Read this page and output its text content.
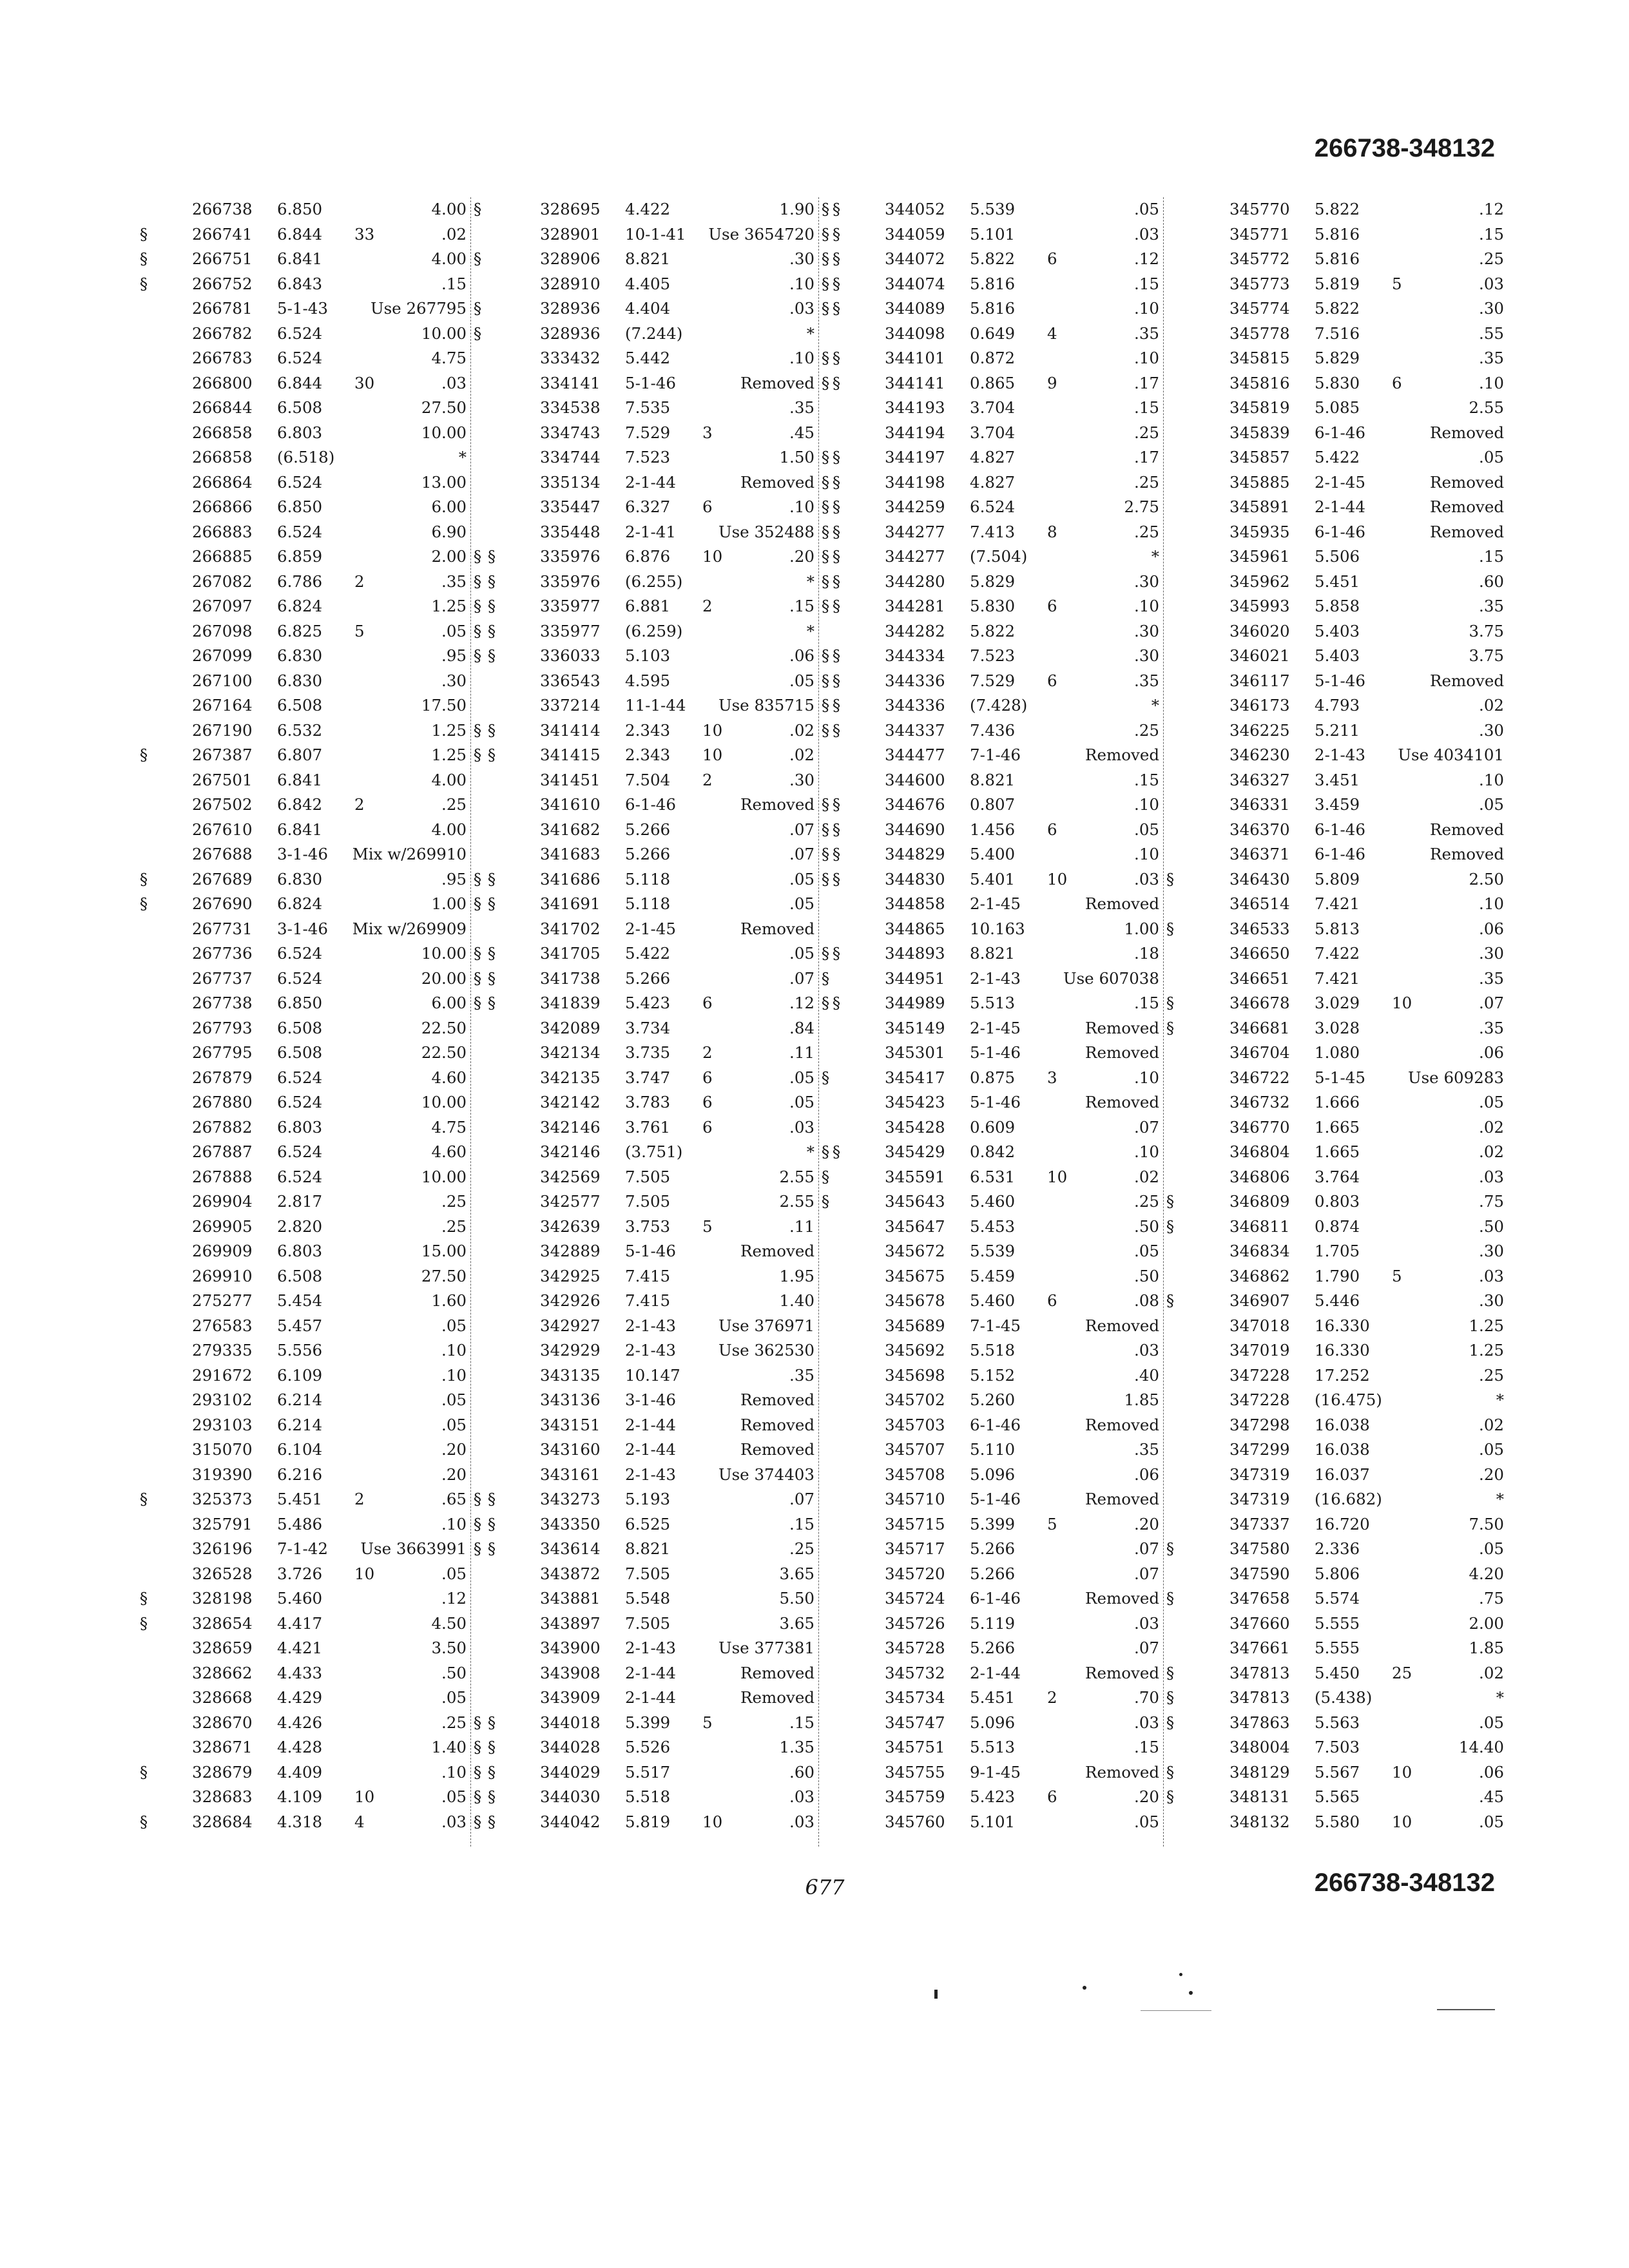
266738-348132
266738 6.850	4.00 §
§	266741 6.844 33	.02
§	266751 6.841	4.00 §
§	266752 6.843	.15
266781 5-1-43	Use 267795 §
266782 6.524	10.00 §
266783 6.524	4.75
266800 6.844 30	.03
266844 6.508	27.50
266858 6.803	10.00
266858 (6.518)	*
266864 6.524	13.00
266866 6.850	6.00
266883 6.524	6.90
266885 6.859	2.00 §
267082 6.786 2	.35 §
267097 6.824	1.25 §
267098 6.825 5	.05 §
267099 6.830	.95 §
267100 6.830	.30
267164 6.508	17.50
267190 6.532	1.25 §
§	267387 6.807	1.25 §
267501 6.841	4.00
267502 6.842 2	.25
267610 6.841	4.00
267688 3-1-46 Mix w/269910
§	267689 6.830	.95 §
§	267690 6.824	1.00 §
267731 3-1-46 Mix w/269909
267736 6.524	10.00 §
267737 6.524	20.00 §
267738 6.850	6.00 §
267793 6.508	22.50
267795 6.508	22.50
267879 6.524	4.60
267880 6.524	10.00
267882 6.803	4.75
267887 6.524	4.60
267888 6.524	10.00
269904 2.817	.25
269905 2.820	.25
269909 6.803	15.00
269910 6.508	27.50
275277 5.454	1.60
276583 5.457	.05
279335 5.556	.10
291672 6.109	.10
293102 6.214	.05
293103 6.214	.05
315070 6.104	.20
319390 6.216	.20
§	325373 5.451 2	.65 §
325791 5.486	.10 §
326196 7-1-42 Use 3663991 §
326528 3.726 10	.05
§	328198 5.460	.12
§	328654 4.417	4.50
328659 4.421	3.50
328662 4.433	.50
328668 4.429	.05
328670 4.426	.25 §
328671 4.428	1.40 §
§	328679 4.409	.10 §
328683 4.109 10	.05 §
§	328684 4.318 4	.03 §
328695 4.422	1.90 §
328901 10-1-41 Use 3654720 §
328906 8.821	.30 §
328910 4.405	.10 §
328936 4.404	.03 §
328936 (7.244)	*
333432 5.442	.10 §
334141 5-1-46	Removed §
334538 7.535	.35
334743 7.529 3	.45
334744 7.523	1.50 §
335134 2-1-44	Removed §
335447 6.327 6	.10 §
335448 2-1-41	Use 352488 §
§	335976 6.876 10	.20 §
§	335976 (6.255)	* §
§	335977 6.881 2	.15 §
§	335977 (6.259)	*
§	336033 5.103	.06 §
336543 4.595	.05 §
337214 11-1-44 Use 835715 §
§	341414 2.343 10	.02 §
§	341415 2.343 10	.02
341451 7.504 2	.30
341610 6-1-46	Removed §
341682 5.266	.07 §
341683 5.266	.07 §
§	341686 5.118	.05 §
§	341691 5.118	.05
341702 2-1-45	Removed
§	341705 5.422	.05 §
§	341738 5.266	.07 §
§	341839 5.423 6	.12 §
342089 3.734	.84
342134 3.735 2	.11
342135 3.747 6	.05 §
342142 3.783 6	.05
342146 3.761 6	.03
342146 (3.751)	* §
342569 7.505	2.55 §
342577 7.505	2.55 §
342639 3.753 5	.11
342889 5-1-46	Removed
342925 7.415	1.95
342926 7.415	1.40
342927 2-1-43	Use 376971
342929 2-1-43	Use 362530
343135 10.147	.35
343136 3-1-46	Removed
343151 2-1-44	Removed
343160 2-1-44	Removed
343161 2-1-43	Use 374403
§	343273 5.193	.07
§	343350 6.525	.15
§	343614 8.821	.25
343872 7.505	3.65
343881 5.548	5.50
343897 7.505	3.65
343900 2-1-43	Use 377381
343908 2-1-44	Removed
343909 2-1-44	Removed
§	344018 5.399 5	.15
§	344028 5.526	1.35
§	344029 5.517	.60
§	344030 5.518	.03
§	344042 5.819 10	.03
§	344052 5.539	.05
§	344059 5.101	.03
§	344072 5.822 6	.12
§	344074 5.816	.15
§	344089 5.816	.10
344098 0.649 4	.35
§	344101 0.872	.10
§	344141 0.865 9	.17
344193 3.704	.15
344194 3.704	.25
§	344197 4.827	.17
§	344198 4.827	.25
§	344259 6.524	2.75
§	344277 7.413 8	.25
§	344277 (7.504)	*
§	344280 5.829	.30
§	344281 5.830 6	.10
344282 5.822	.30
§	344334 7.523	.30
§	344336 7.529 6	.35
§	344336 (7.428)	*
§	344337 7.436	.25
344477 7-1-46	Removed
344600 8.821	.15
§	344676 0.807	.10
§	344690 1.456 6	.05
§	344829 5.400	.10
§	344830 5.401 10	.03 §
344858 2-1-45	Removed
344865 10.163	1.00 §
§	344893 8.821	.18
344951 2-1-43	Use 607038
§	344989 5.513	.15 §
345149 2-1-45	Removed §
345301 5-1-46	Removed
345417 0.875 3	.10
345423 5-1-46	Removed
345428 0.609	.07
§	345429 0.842	.10
345591 6.531 10	.02
345643 5.460	.25 §
345647 5.453	.50 §
345672 5.539	.05
345675 5.459	.50
345678 5.460 6	.08 §
345689 7-1-45	Removed
345692 5.518	.03
345698 5.152	.40
345702 5.260	1.85
345703 6-1-46	Removed
345707 5.110	.35
345708 5.096	.06
345710 5-1-46	Removed
345715 5.399 5	.20
345717 5.266	.07 §
345720 5.266	.07
345724 6-1-46	Removed §
345726 5.119	.03
345728 5.266	.07
345732 2-1-44	Removed §
345734 5.451 2	.70 §
345747 5.096	.03 §
345751 5.513	.15
345755 9-1-45	Removed §
345759 5.423 6	.20 §
345760 5.101	.05
345770 5.822	.12
345771 5.816	.15
345772 5.816	.25
345773 5.819 5	.03
345774 5.822	.30
345778 7.516	.55
345815 5.829	.35
345816 5.830 6	.10
345819 5.085	2.55
345839 6-1-46	Removed
345857 5.422	.05
345885 2-1-45	Removed
345891 2-1-44	Removed
345935 6-1-46	Removed
345961 5.506	.15
345962 5.451	.60
345993 5.858	.35
346020 5.403	3.75
346021 5.403	3.75
346117 5-1-46	Removed
346173 4.793	.02
346225 5.211	.30
346230 2-1-43 Use 4034101
346327 3.451	.10
346331 3.459	.05
346370 6-1-46	Removed
346371 6-1-46	Removed
346430 5.809	2.50
346514 7.421	.10
346533 5.813	.06
346650 7.422	.30
346651 7.421	.35
346678 3.029 10	.07
346681 3.028	.35
346704 1.080	.06
346722 5-1-45	Use 609283
346732 1.666	.05
346770 1.665	.02
346804 1.665	.02
346806 3.764	.03
346809 0.803	.75
346811 0.874	.50
346834 1.705	.30
346862 1.790 5	.03
346907 5.446	.30
347018 16.330	1.25
347019 16.330	1.25
347228 17.252	.25
347228 (16.475)	*
347298 16.038	.02
347299 16.038	.05
347319 16.037	.20
347319 (16.682)	*
347337 16.720	7.50
347580 2.336	.05
347590 5.806	4.20
347658 5.574	.75
347660 5.555	2.00
347661 5.555	1.85
347813 5.450 25	.02
347813 (5.438)	*
347863 5.563	.05
348004 7.503	14.40
348129 5.567 10	.06
348131 5.565	.45
348132 5.580 10	.05
677	266738-348132
